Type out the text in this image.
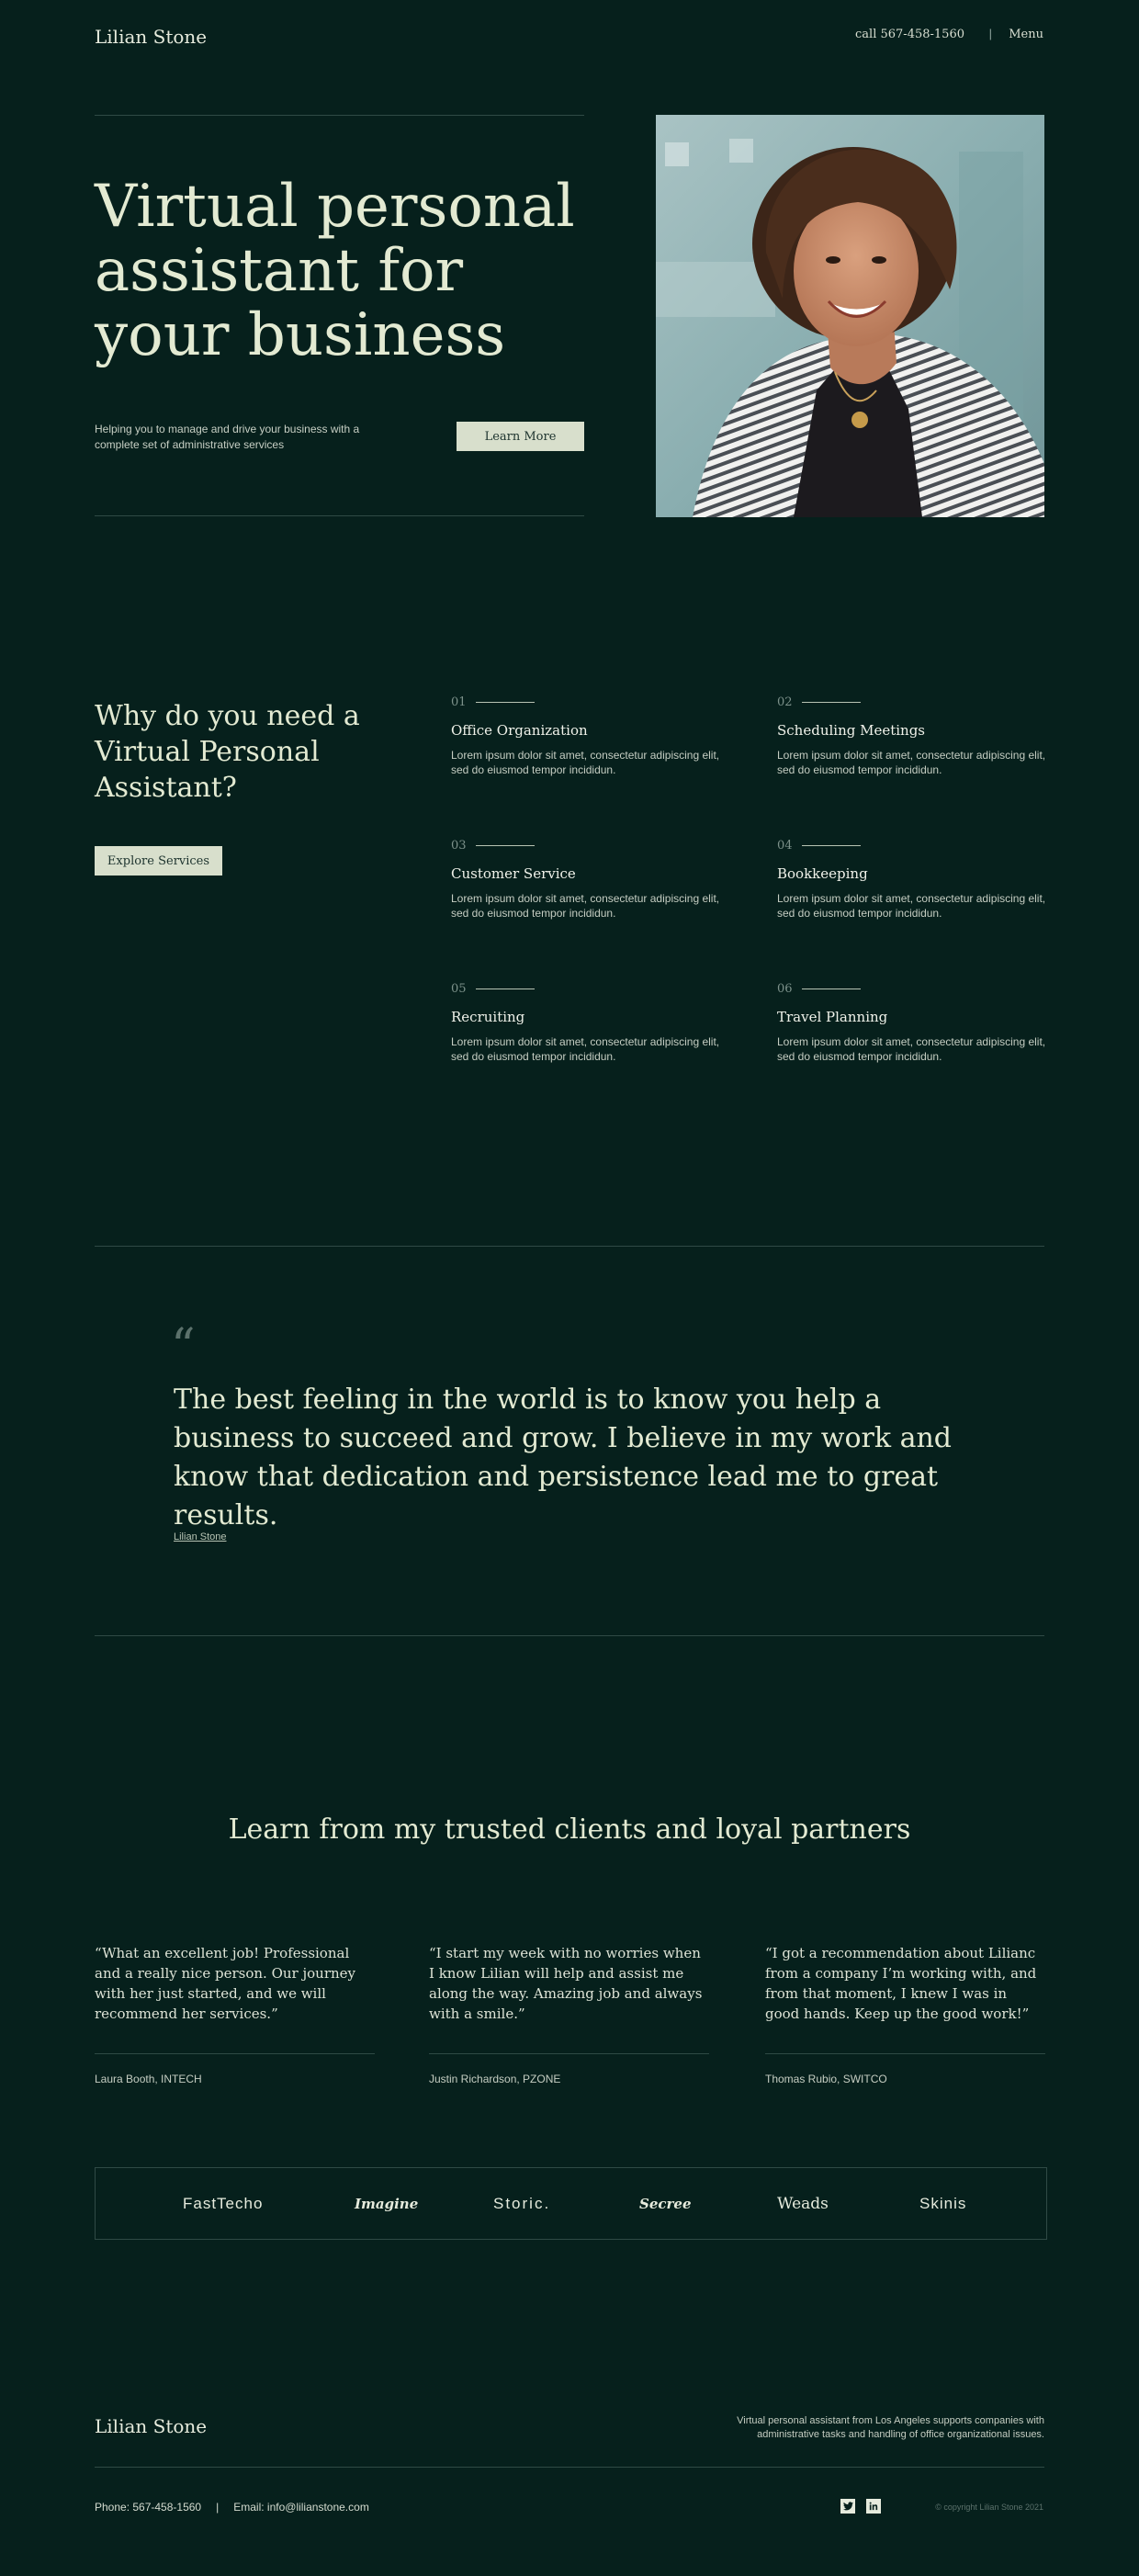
Lilian Stone	call 567-458-1560 | Menu
Virtual personal assistant for your business

Helping you to manage and drive your business with a complete set of administrative services

Learn More
Why do you need a Virtual Personal Assistant?
Explore Services
01
Office Organization
Lorem ipsum dolor sit amet, consectetur adipiscing elit, sed do eiusmod tempor incididun.
02
Scheduling Meetings
Lorem ipsum dolor sit amet, consectetur adipiscing elit, sed do eiusmod tempor incididun.
03
Customer Service
Lorem ipsum dolor sit amet, consectetur adipiscing elit, sed do eiusmod tempor incididun.
04
Bookkeeping
Lorem ipsum dolor sit amet, consectetur adipiscing elit, sed do eiusmod tempor incididun.
05
Recruiting
Lorem ipsum dolor sit amet, consectetur adipiscing elit, sed do eiusmod tempor incididun.
06
Travel Planning
Lorem ipsum dolor sit amet, consectetur adipiscing elit, sed do eiusmod tempor incididun.
“
The best feeling in the world is to know you help a business to succeed and grow. I believe in my work and know that dedication and persistence lead me to great results.
Lilian Stone
Learn from my trusted clients and loyal partners
“What an excellent job! Professional and a really nice person. Our journey with her just started, and we will recommend her services.”
Laura Booth, INTECH
“I start my week with no worries when I know Lilian will help and assist me along the way. Amazing job and always with a smile.”
Justin Richardson, PZONE
“I got a recommendation about Lilianc from a company I’m working with, and from that moment, I knew I was in good hands. Keep up the good work!”
Thomas Rubio, SWITCO
FastTecho	Imagine	Storic.	Secree	Weads	Skinis
Lilian Stone	Virtual personal assistant from Los Angeles supports companies with administrative tasks and handling of office organizational issues.
Phone: 567-458-1560 | Email: info@lilianstone.com	© copyright Lilian Stone 2021
